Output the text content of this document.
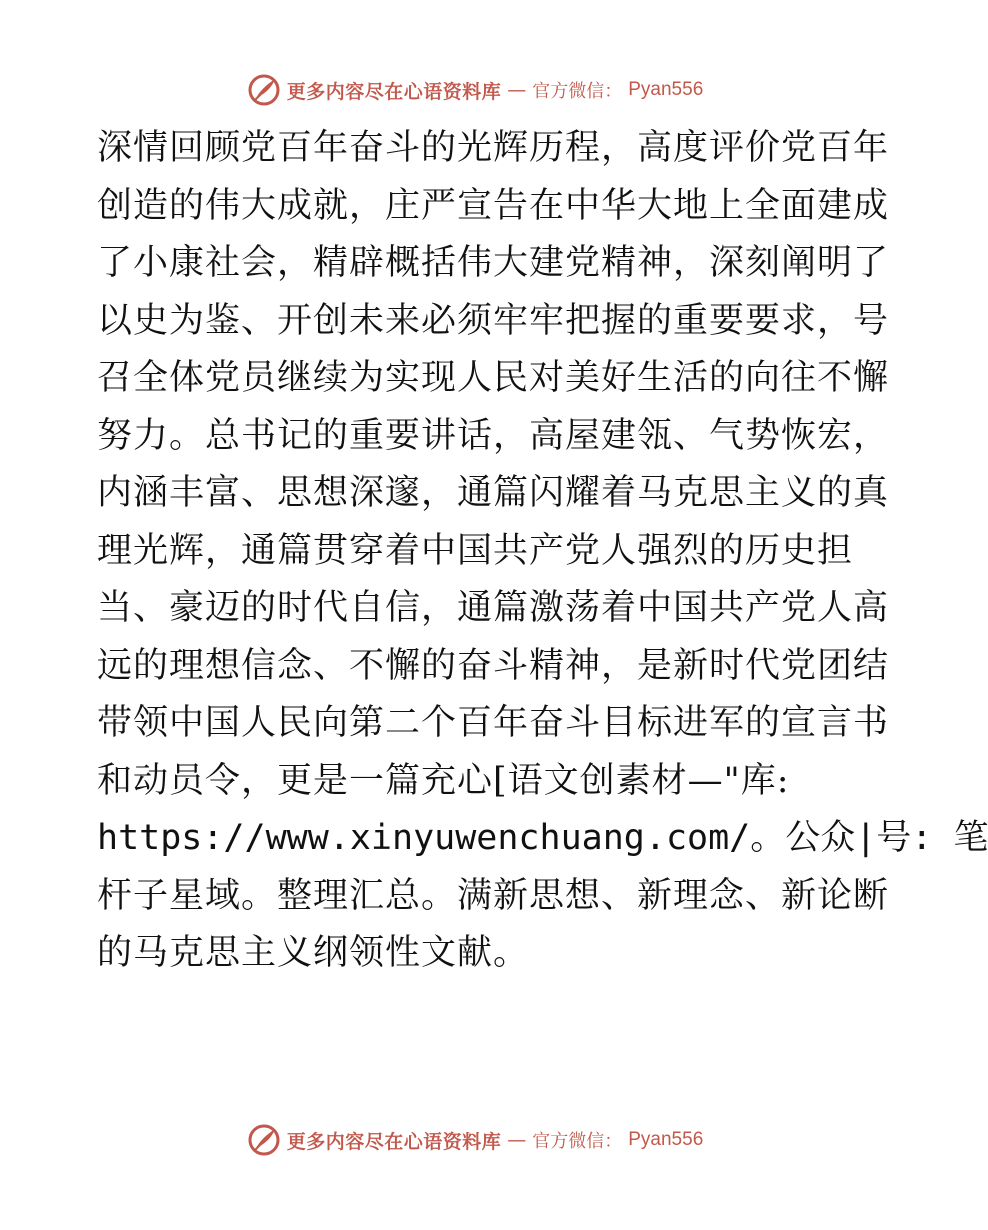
更多内容尽在心语资料库 — 官方微信： Pyan556
深情回顾党百年奋斗的光辉历程，高度评价党百年
创造的伟大成就，庄严宣告在中华大地上全面建成
了小康社会，精辟概括伟大建党精神，深刻阐明了
以史为鉴、开创未来必须牢牢把握的重要要求，号
召全体党员继续为实现人民对美好生活的向往不懈
努力。总书记的重要讲话，高屋建瓴、气势恢宏，
内涵丰富、思想深邃，通篇闪耀着马克思主义的真
理光辉，通篇贯穿着中国共产党人强烈的历史担
当、豪迈的时代自信，通篇激荡着中国共产党人高
远的理想信念、不懈的奋斗精神，是新时代党团结
带领中国人民向第二个百年奋斗目标进军的宣言书
和动员令，更是一篇充心[语文创素材—"库:
https://www.xinyuwenchuang.com/。公众|号: 笔
杆子星域。整理汇总。满新思想、新理念、新论断
的马克思主义纲领性文献。
更多内容尽在心语资料库 — 官方微信： Pyan556
